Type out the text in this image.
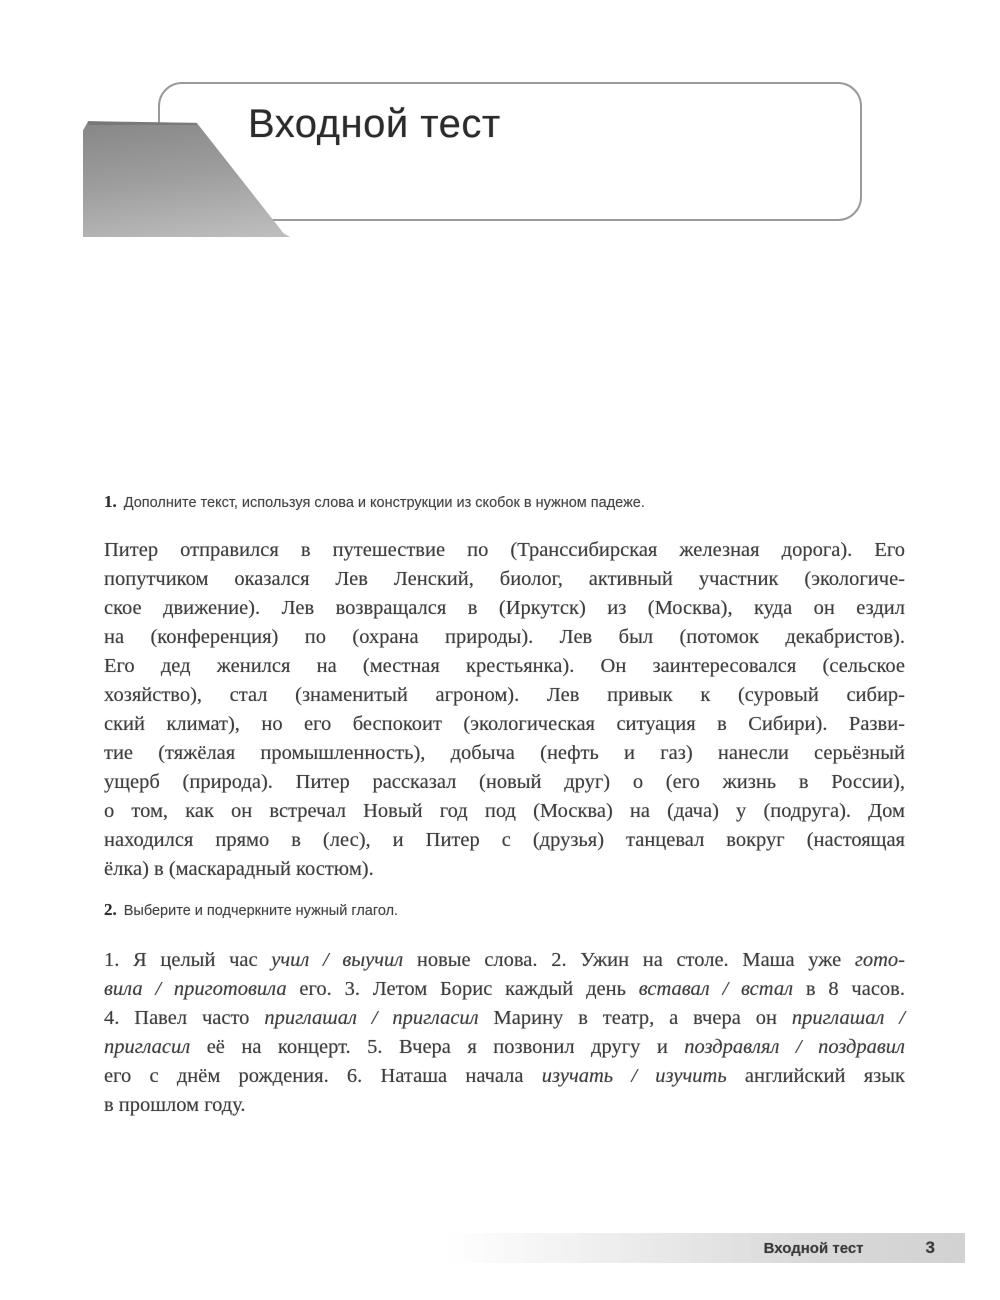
Входной тест
1. Дополните текст, используя слова и конструкции из скобок в нужном падеже.
Питер отправился в путешествие по (Транссибирская железная дорога). Его
попутчиком оказался Лев Ленский, биолог, активный участник (экологиче-
ское движение). Лев возвращался в (Иркутск) из (Москва), куда он ездил
на (конференция) по (охрана природы). Лев был (потомок декабристов).
Его дед женился на (местная крестьянка). Он заинтересовался (сельское
хозяйство), стал (знаменитый агроном). Лев привык к (суровый сибир-
ский климат), но его беспокоит (экологическая ситуация в Сибири). Разви-
тие (тяжёлая промышленность), добыча (нефть и газ) нанесли серьёзный
ущерб (природа). Питер рассказал (новый друг) о (его жизнь в России),
о том, как он встречал Новый год под (Москва) на (дача) у (подруга). Дом
находился прямо в (лес), и Питер с (друзья) танцевал вокруг (настоящая
ёлка) в (маскарадный костюм).
2. Выберите и подчеркните нужный глагол.
1. Я целый час учил / выучил новые слова. 2. Ужин на столе. Маша уже гото-
вила / приготовила его. 3. Летом Борис каждый день вставал / встал в 8 часов.
4. Павел часто приглашал / пригласил Марину в театр, а вчера он приглашал /
пригласил её на концерт. 5. Вчера я позвонил другу и поздравлял / поздравил
его с днём рождения. 6. Наташа начала изучать / изучить английский язык
в прошлом году.
Входной тест	3
